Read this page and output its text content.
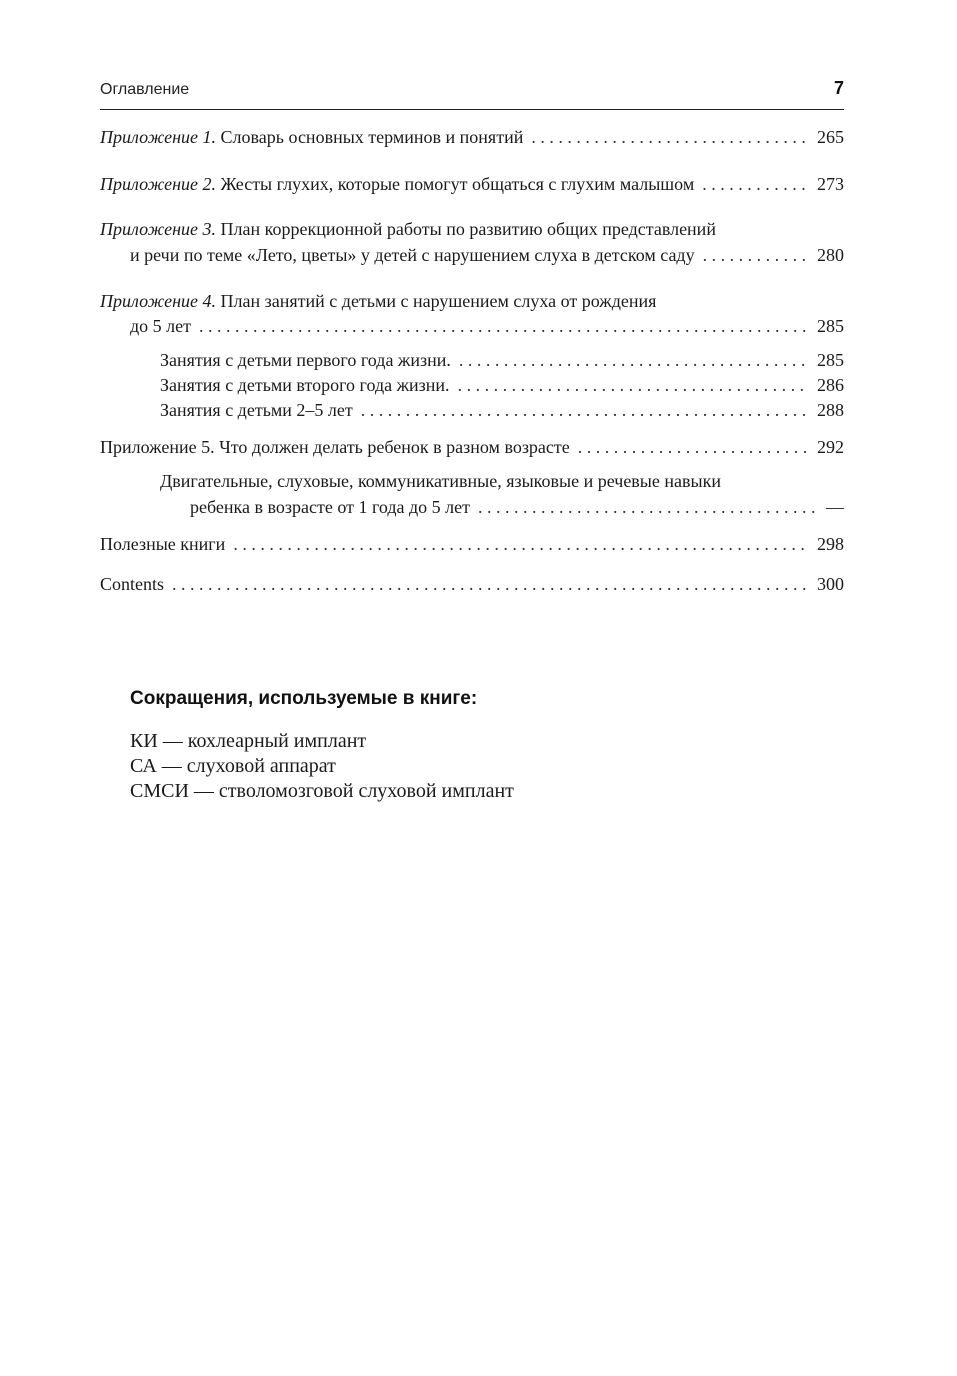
Оглавление	7
Приложение 1. Словарь основных терминов и понятий . . .	265
Приложение 2. Жесты глухих, которые помогут общаться с глухим малышом . . .	273
Приложение 3. План коррекционной работы по развитию общих представлений
и речи по теме «Лето, цветы» у детей с нарушением слуха в детском саду . . .	280
Приложение 4. План занятий с детьми с нарушением слуха от рождения
до 5 лет . . .	285
Занятия с детьми первого года жизни. . . .	285
Занятия с детьми второго года жизни. . . .	286
Занятия с детьми 2–5 лет . . .	288
Приложение 5. Что должен делать ребенок в разном возрасте . . .	292
Двигательные, слуховые, коммуникативные, языковые и речевые навыки
ребенка в возрасте от 1 года до 5 лет . . .	—
Полезные книги . . .	298
Contents . . .	300
Сокращения, используемые в книге:
КИ — кохлеарный имплант
СА — слуховой аппарат
СМСИ — стволомозговой слуховой имплант
